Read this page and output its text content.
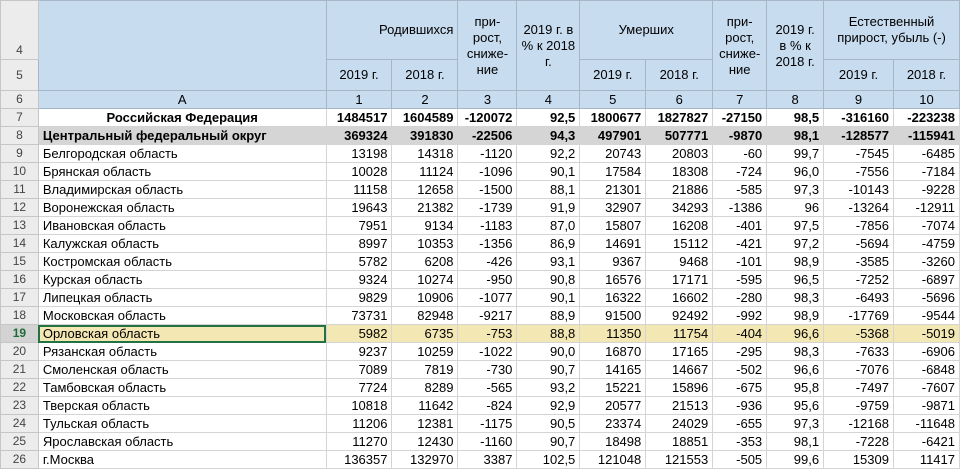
4		Родившихся		при-рост, сниже-ние	2019 г. в % к 2018 г.	Умерших		при-рост, сниже-ние	2019 г. в % к 2018 г.	Естественный прирост, убыль (-)	
5		2019 г.	2018 г.			2019 г.	2018 г.			2019 г.	2018 г.
6	А	1	2	3	4	5	6	7	8	9	10
7	Российская Федерация	1484517	1604589	-120072	92,5	1800677	1827827	-27150	98,5	-316160	-223238
8	Центральный федеральный округ	369324	391830	-22506	94,3	497901	507771	-9870	98,1	-128577	-115941
9	Белгородская область	13198	14318	-1120	92,2	20743	20803	-60	99,7	-7545	-6485
10	Брянская область	10028	11124	-1096	90,1	17584	18308	-724	96,0	-7556	-7184
11	Владимирская область	11158	12658	-1500	88,1	21301	21886	-585	97,3	-10143	-9228
12	Воронежская область	19643	21382	-1739	91,9	32907	34293	-1386	96	-13264	-12911
13	Ивановская область	7951	9134	-1183	87,0	15807	16208	-401	97,5	-7856	-7074
14	Калужская область	8997	10353	-1356	86,9	14691	15112	-421	97,2	-5694	-4759
15	Костромская область	5782	6208	-426	93,1	9367	9468	-101	98,9	-3585	-3260
16	Курская область	9324	10274	-950	90,8	16576	17171	-595	96,5	-7252	-6897
17	Липецкая область	9829	10906	-1077	90,1	16322	16602	-280	98,3	-6493	-5696
18	Московская область	73731	82948	-9217	88,9	91500	92492	-992	98,9	-17769	-9544
19	Орловская область	5982	6735	-753	88,8	11350	11754	-404	96,6	-5368	-5019
20	Рязанская область	9237	10259	-1022	90,0	16870	17165	-295	98,3	-7633	-6906
21	Смоленская область	7089	7819	-730	90,7	14165	14667	-502	96,6	-7076	-6848
22	Тамбовская область	7724	8289	-565	93,2	15221	15896	-675	95,8	-7497	-7607
23	Тверская область	10818	11642	-824	92,9	20577	21513	-936	95,6	-9759	-9871
24	Тульская область	11206	12381	-1175	90,5	23374	24029	-655	97,3	-12168	-11648
25	Ярославская область	11270	12430	-1160	90,7	18498	18851	-353	98,1	-7228	-6421
26	г.Москва	136357	132970	3387	102,5	121048	121553	-505	99,6	15309	11417
